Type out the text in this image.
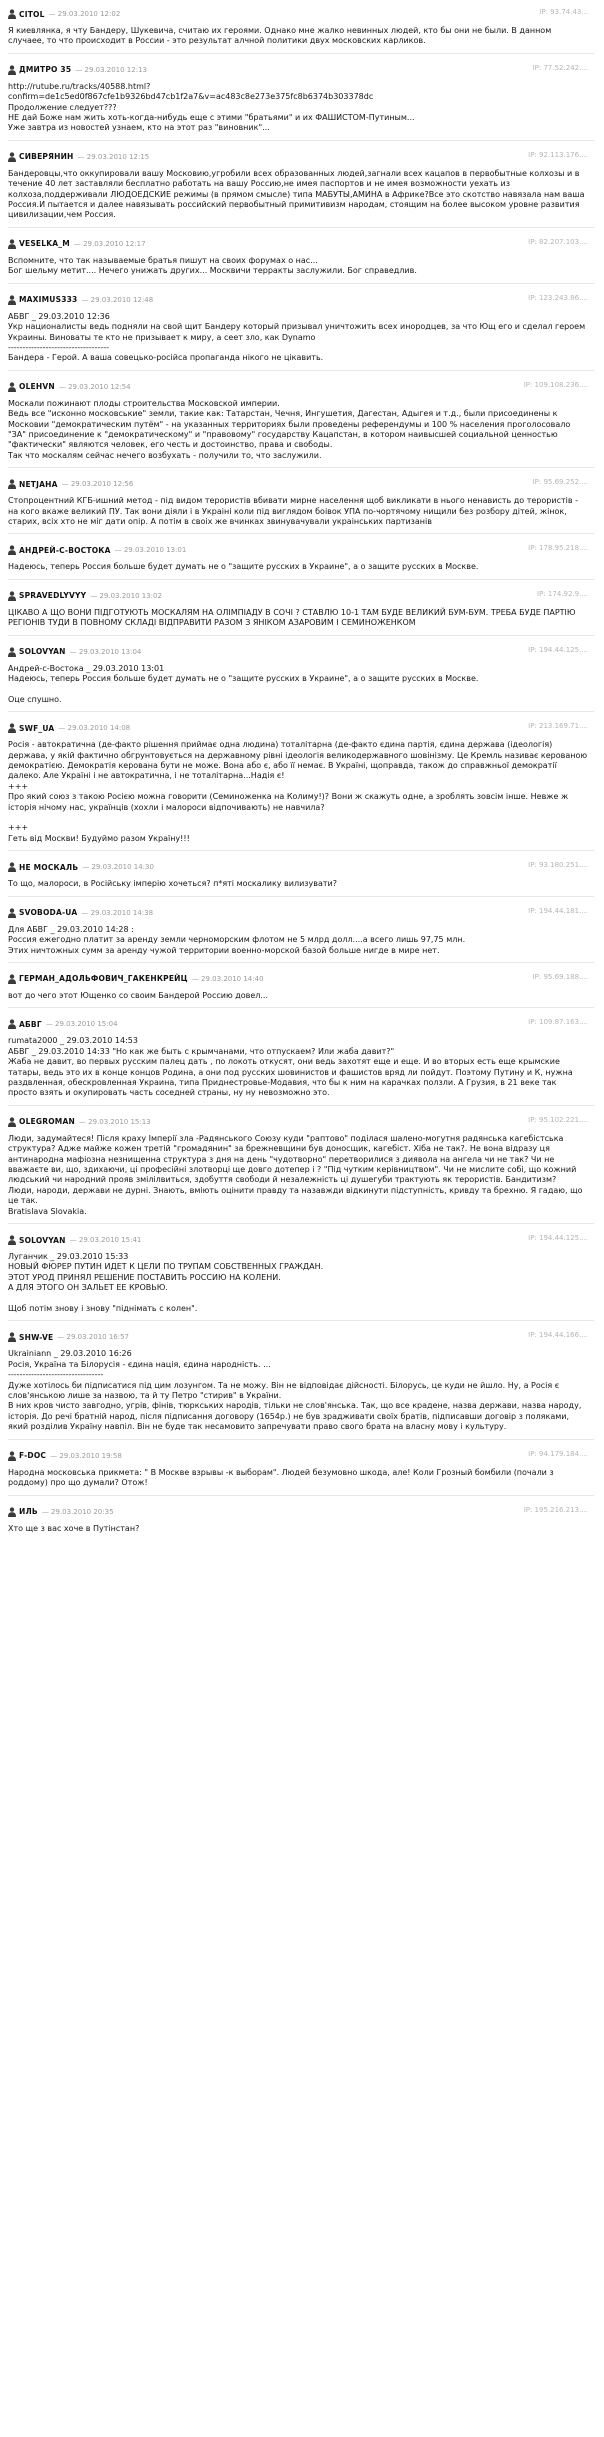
CITOL — 29.03.2010 12:02	IP: 93.74.43...
Я киевлянка, я чту Бандеру, Шукевича, считаю их героями. Однако мне жалко невинных людей, кто бы они не были. В данном случаее, то что происходит в России - это результат алчной политики двух московских карликов.
ДМИТРО 35 — 29.03.2010 12:13	IP: 77.52.242....
http://rutube.ru/tracks/40588.html?
confirm=de1c5ed0f867cfe1b9326bd47cb1f2a7&v=ac483c8e273e375fc8b6374b303378dc
Продолжение следует???
НЕ дай Боже нам жить хоть-когда-нибудь еще с этими "братьями" и их ФАШИСТОМ-Путиным...
Уже завтра из новостей узнаем, кто на этот раз "виновник"...
СИВЕРЯНИН — 29.03.2010 12:15	IP: 92.113.176....
Бандеровцы,что оккупировали вашу Московию,угробили всех образованных людей,загнали всех кацапов в первобытные колхозы и в течение 40 лет заставляли бесплатно работать на вашу Россию,не имея паспортов и не имея возможности уехать из колхоза,поддерживали ЛЮДОЕДСКИЕ режимы (в прямом смысле) типа МАБУТЫ,АМИНА в Африке?Все это скотство навязала нам ваша Россия.И пытается и далее навязывать российский первобытный примитивизм народам, стоящим на более высоком уровне развития цивилизации,чем Россия.
VESELKA_M — 29.03.2010 12:17	IP: 82.207.103....
Вспомните, что так называемые братья пишут на своих форумах о нас...
Бог шельму метит.... Нечего унижать других... Москвичи терракты заслужили. Бог справедлив.
MAXIMUS333 — 29.03.2010 12:48	IP: 123.243.86....
АБВГ _ 29.03.2010 12:36
Укр националисты ведь подняли на свой щит Бандеру который призывал уничтожить всех инородцев, за что Ющ его и сделал героем Украины. Виноваты те кто не призывает к миру, а сеет зло, как Dynamo
-----------------------------------
Бандера - Герой. А ваша совецько-росiйса пропаганда нiкого не цiкавить.
OLEHVN — 29.03.2010 12:54	IP: 109.108.236....
Москали пожинают плоды строительства Московской империи.
Ведь все "исконно московськие" земли, такие как: Татарстан, Чечня, Ингушетия, Дагестан, Адыгея и т.д., были присоединены к Московии "демократическим путём" - на указанных территориях были проведены референдумы и 100 % населения проголосовало "ЗА" присоединение к "демократическому" и "правовому" государству Кацапстан, в котором наивысшей социальной ценностью "фактически" являются человек, его честь и достоинство, права и свободы.
Так что москалям сейчас нечего возбухать - получили то, что заслужили.
NETJAHA — 29.03.2010 12:56	IP: 95.69.252....
Стопроцентний КГБ-ишний метод - пiд видом терористiв вбивати мирне населення щоб викликати в нього ненависть до терористiв - на кого вкаже великий ПУ. Так вони дiяли i в Украiнi коли пiд виглядом боiвок УПА по-чортячому нищили без розбору дiтей, жiнок, старих, всiх хто не мiг дати опiр. А потiм в своiх же вчинках звинувачували украiнських партизанiв
АНДРЕЙ-С-ВОСТОКА — 29.03.2010 13:01	IP: 178.95.218....
Надеюсь, теперь Россия больше будет думать не о "защите русских в Украине", а о защите русских в Москве.
SPRAVEDLYVYY — 29.03.2010 13:02	IP: 174.92.9....
ЦIКАВО А ЩО ВОНИ ПIДГОТУЮТЬ МОСКАЛЯМ НА ОЛIМПIАДУ В СОЧI ? СТАВЛЮ 10-1 ТАМ БУДЕ ВЕЛИКИЙ БУМ-БУМ. ТРЕБА БУДЕ ПАРТIЮ РЕГIОНIВ ТУДИ В ПОВНОМУ СКЛАДI ВIДПРАВИТИ РАЗОМ З ЯНIКОМ АЗАРОВИМ I СЕМИНОЖЕНКОМ
SOLOVYAN — 29.03.2010 13:04	IP: 194.44.125....
Андрей-с-Востока _ 29.03.2010 13:01
Надеюсь, теперь Россия больше будет думать не о "защите русских в Украине", а о защите русских в Москве.

Оце спушно.
SWF_UA — 29.03.2010 14:08	IP: 213.169.71....
Росiя - автократична (де-факто рiшення приймає одна людина) тоталiтарна (де-факто єдина партiя, єдина держава (iдеологiя) держава, у якiй фактично обгрунтовується на державному рiвнi iдеологiя великодержавного шовiнiзму. Це Кремль називає керованою демократiєю. Демократiя керована бути не може. Вона або є, або її немає. В Українi, щоправда, також до справжньої демократiї далеко. Але Україні і не автократична, і не тоталiтарна...Надiя є!
+++
Про який союз з такою Росiєю можна говорити (Семиноженка на Колиму!)? Вони ж скажуть одне, а зроблять зовсiм iнше. Невже ж iсторiя нiчому нас, українцiв (хохли i малороси вiдпочивають) не навчила?

+++
Геть вiд Москви! Будуймо разом Україну!!!
НЕ МОСКАЛЬ — 29.03.2010 14:30	IP: 93.180.251....
То що, малороси, в Росiйську iмперiю хочеться? п*ятi москалику вилизувати?
SVOBODA-UA — 29.03.2010 14:38	IP: 194.44.181....
Для АБВГ _ 29.03.2010 14:28 :
Россия ежегодно платит за аренду земли черноморским флотом не 5 млрд долл....а всего лишь 97,75 млн.
Этих ничтожных сумм за аренду чужой территории военно-морской базой больше нигде в мире нет.
ГЕРМАН_АДОЛЬФОВИЧ_ГАКЕНКРЕЙЦ — 29.03.2010 14:40	IP: 95.69.188....
вот до чего этот Ющенко со своим Бандерой Россию довел...
АБВГ — 29.03.2010 15:04	IP: 109.87.163....
rumata2000 _ 29.03.2010 14:53
АБВГ _ 29.03.2010 14:33 "Но как же быть с крымчанами, что отпускаем? Или жаба давит?"
Жаба не давит, во первых русским палец дать , по локоть откусят, они ведь захотят еще и еще. И во вторых есть еще крымские татары, ведь это их в конце концов Родина, а они под русских шовинистов и фашистов вряд ли пойдут. Поэтому Путину и К, нужна раздвленная, обескровленная Украина, типа Приднестровье-Модавия, что бы к ним на карачках ползли. А Грузия, в 21 веке так просто взять и окупировать часть соседней страны, ну ну невозможно это.
OLEGROMAN — 29.03.2010 15:13	IP: 95.102.221....
Люди, задумайтеся! Пiсля краху Iмперiї зла -Радянського Союзу куди "раптово" подiлася шалено-могутня радянська кагебiстська структура? Адже майже кожен третiй "громадянин" за брежневщини був доносщик, кагебiст. Хiба не так?. Не вона вiдразу ця антинародна мафiозна незнищенна структура з дня на день "чудотворно" перетворилися з диявола на ангела чи не так? Чи не вважаєте ви, що, здихаючи, цi професiйнi злотворцi ще довго дотепер i ? "Пiд чутким керiвництвом". Чи не мислите собi, що кожний людський чи народний прояв змiлiлвиться, здобуття свободи й незалежнiсть цi душегуби трактують як терористiв. Бандитизм?
Люди, народи, держави не дурнi. Знають, вмiють оцiнити правду та назавжди вiдкинути пiдступнiсть, кривду та брехню. Я гадаю, що це так.
Bratislava Slovakia.
SOLOVYAN — 29.03.2010 15:41	IP: 194.44.125....
Луганчик _ 29.03.2010 15:33
НОВЫЙ ФЮРЕР ПУТИН ИДЕТ К ЦЕЛИ ПО ТРУПАМ СОБСТВЕННЫХ ГРАЖДАН.
ЭТОТ УРОД ПРИНЯЛ РЕШЕНИЕ ПОСТАВИТЬ РОССИЮ НА КОЛЕНИ.
А ДЛЯ ЭТОГО ОН ЗАЛЬЕТ ЕЕ КРОВЬЮ.

Щоб потiм знову i знову "пiднiмать с колен".
SHW-VE — 29.03.2010 16:57	IP: 194.44.166....
Ukrainiann _ 29.03.2010 16:26
Росiя, Україна та Бiлорусiя - єдина нацiя, єдина народнiсть. ...
---------------------------------
Дуже хотiлось би пiдписатися пiд цим лозунгом. Та не можу. Він не вiдповiдає дiйсностi. Бiлорусь, це куди не йшло. Ну, а Росiя є слов'янською лише за назвою, та й ту Петро "стирив" в України.
В них кров чисто завгодно, угрiв, фiнiв, тюркських народiв, тiльки не слов'янська. Так, що все крадене, назва держави, назва народу, iсторiя. До речi братнiй народ, пiсля пiдписання договору (1654р.) не був зрадживати своїх братiв, пiдписавши договiр з поляками, який роздiлив Україну навпiл. Він не буде так несамовито запречувати право свого брата на власну мову i культуру.
F-DOC — 29.03.2010 19:58	IP: 94.179.184....
Народна московська прикмета: " В Москве взрывы -к выборам". Людей безумовно шкода, але! Коли Грозный бомбили (почали з роддому) про що думали? Отож!
ИЛЬ — 29.03.2010 20:35	IP: 195.216.213....
Хто ще з вас хоче в Путiнстан?
